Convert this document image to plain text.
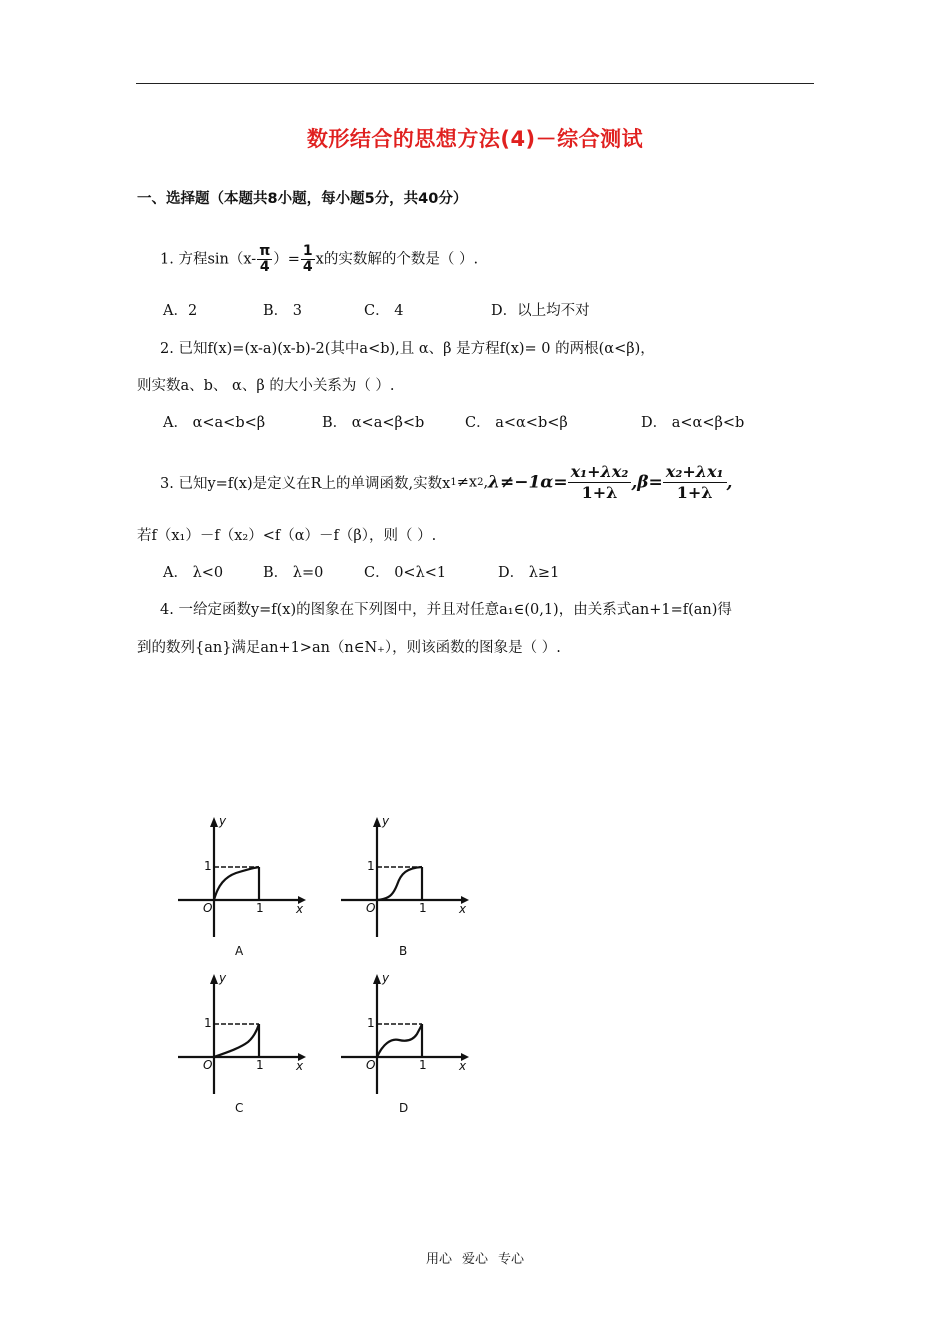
数形结合的思想方法(4)－综合测试
一、选择题（本题共8小题，每小题5分，共40分）
1. 方程$\sin(x- \frac{\pi}{4}$ ）= $\frac{1}{4}$ x的实数解的个数是（ ）.
A．2	B． 3	C． 4	D．以上均不对
2. 已知f(x)=(x-a)(x-b)-2(其中a<b),且 α、β 是方程f(x)= 0 的两根(α<β)，
则实数a、b、 α、β 的大小关系为（ ）.
A． α<a<b<β	B． α<a<β<b	C． a<α<b<β	D． a<α<β<b
3. 已知y=f(x)是定义在R上的单调函数,实数$x1\ne x2,\lambda\ne-1\alpha= \frac{\text{x₁+λx₂}}{1+\lambda} ,\beta= \frac{\text{x₂+λx₁}}{1+\lambda}$ ,
若f（x₁）－f（x₂）<f（α）－f（β），则（ ）.
A． λ<0	B． λ=0	C． 0<λ<1	D． λ≥1
4. 一给定函数y=f(x)的图象在下列图中，并且对任意a₁∈(0,1)，由关系式an+1=f(an)得
到的数列{an}满足an+1>an（n∈N₊），则该函数的图象是（ ）.
y
x
O
1
1
A
y
x
O
1
1
B
y
x
O
1
1
C
y
x
O
1
1
D
用心 爱心 专心
